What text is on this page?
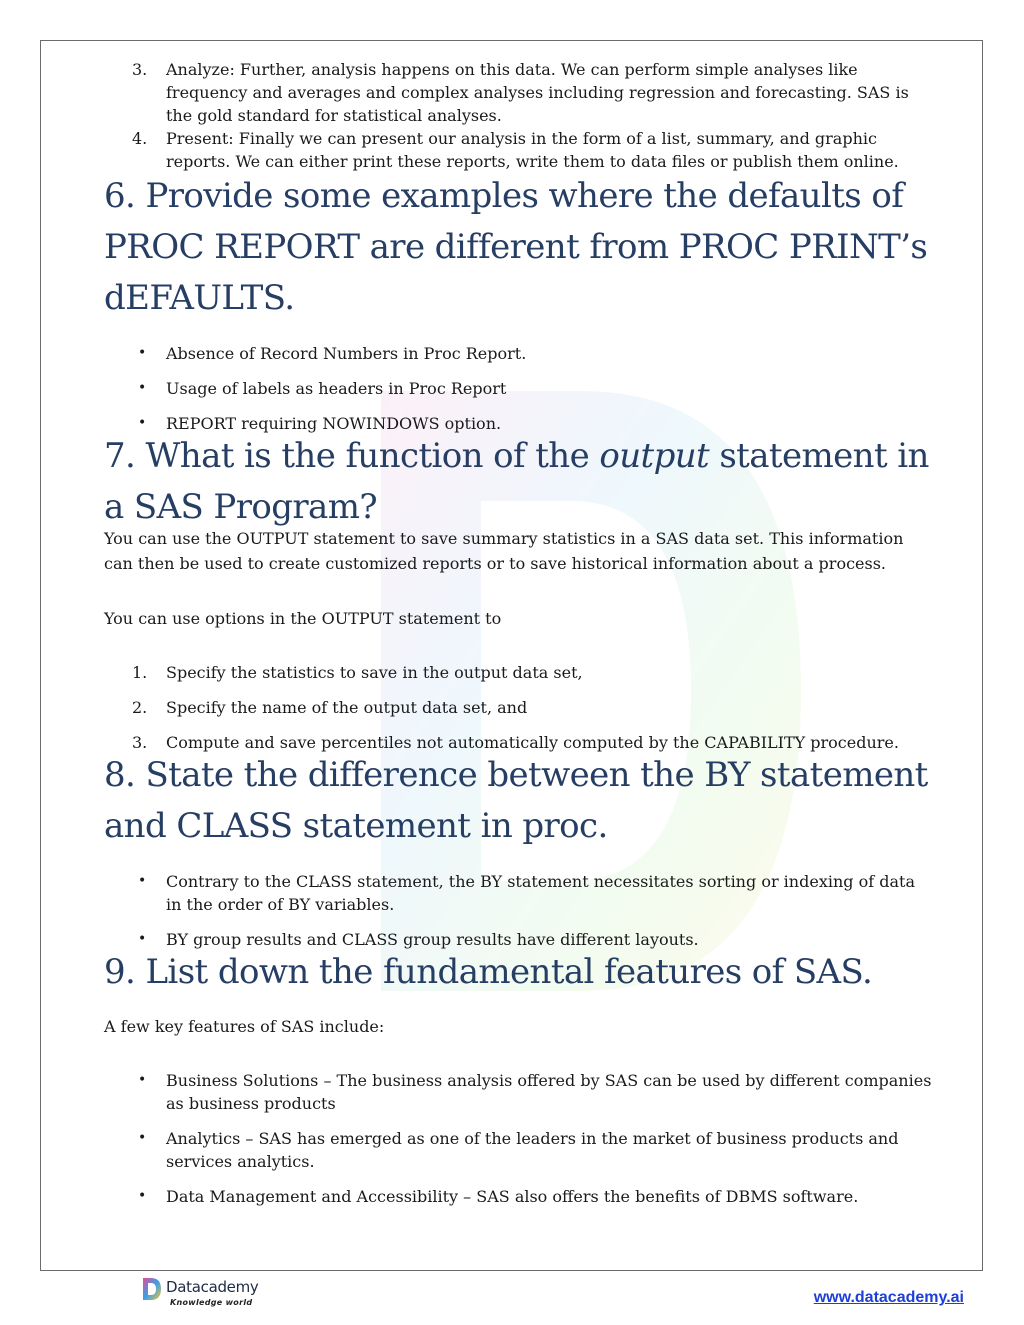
3.	Analyze: Further, analysis happens on this data. We can perform simple analyses like frequency and averages and complex analyses including regression and forecasting. SAS is the gold standard for statistical analyses.
4.	Present: Finally we can present our analysis in the form of a list, summary, and graphic reports. We can either print these reports, write them to data files or publish them online.
6. Provide some examples where the defaults of PROC REPORT are different from PROC PRINT’s dEFAULTS.
•	Absence of Record Numbers in Proc Report.
•	Usage of labels as headers in Proc Report
•	REPORT requiring NOWINDOWS option.
7. What is the function of the output statement in a SAS Program?

You can use the OUTPUT statement to save summary statistics in a SAS data set. This information can then be used to create customized reports or to save historical information about a process.

You can use options in the OUTPUT statement to

1.	Specify the statistics to save in the output data set,
2.	Specify the name of the output data set, and
3.	Compute and save percentiles not automatically computed by the CAPABILITY procedure.
8. State the difference between the BY statement and CLASS statement in proc.
•	Contrary to the CLASS statement, the BY statement necessitates sorting or indexing of data in the order of BY variables.
•	BY group results and CLASS group results have different layouts.
9. List down the fundamental features of SAS.

A few key features of SAS include:

•	Business Solutions – The business analysis offered by SAS can be used by different companies as business products
•	Analytics – SAS has emerged as one of the leaders in the market of business products and services analytics.
•	Data Management and Accessibility – SAS also offers the benefits of DBMS software.
Datacademy
Knowledge world	www.datacademy.ai
